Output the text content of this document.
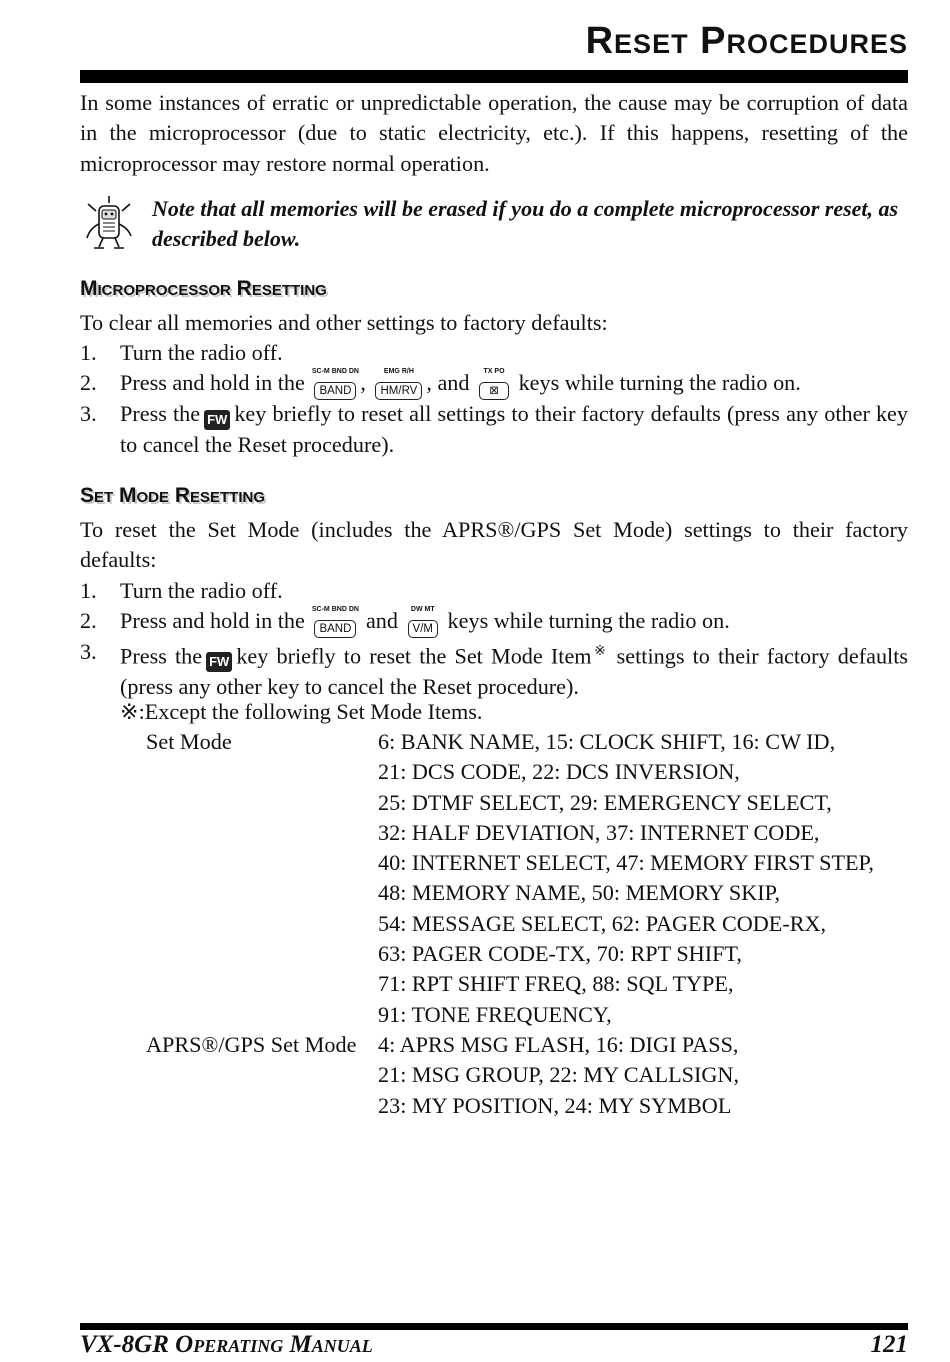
Reset Procedures

In some instances of erratic or unpredictable operation, the cause may be corruption of data in the microprocessor (due to static electricity, etc.). If this happens, resetting of the microprocessor may restore normal operation.

Note that all memories will be erased if you do a complete microprocessor reset, as described below.

Microprocessor Resetting
To clear all memories and other settings to factory defaults:
1. Turn the radio off.
2. Press and hold in the SC-M BND DN
BAND ,	EMG R/H
HM/RV , and TX PO
⊠ keys while turning the radio on.
3. Press the FW key briefly to reset all settings to their factory defaults (press any other key to cancel the Reset procedure).
Set Mode Resetting

To reset the Set Mode (includes the APRS®/GPS Set Mode) settings to their factory defaults:

1. Turn the radio off.
2. Press and hold in the SC-M BND DN
BAND and DW MT
V/M keys while turning the radio on.
3. Press the FW key briefly to reset the Set Mode Item※ settings to their factory defaults (press any other key to cancel the Reset procedure).
※:Except the following Set Mode Items.
Set Mode	6: BANK NAME, 15: CLOCK SHIFT, 16: CW ID,
21: DCS CODE, 22: DCS INVERSION,
25: DTMF SELECT, 29: EMERGENCY SELECT,
32: HALF DEVIATION, 37: INTERNET CODE,
40: INTERNET SELECT, 47: MEMORY FIRST STEP,
48: MEMORY NAME, 50: MEMORY SKIP,
54: MESSAGE SELECT, 62: PAGER CODE-RX,
63: PAGER CODE-TX, 70: RPT SHIFT,
71: RPT SHIFT FREQ, 88: SQL TYPE,
91: TONE FREQUENCY,
APRS®/GPS Set Mode 4: APRS MSG FLASH, 16: DIGI PASS,
21: MSG GROUP, 22: MY CALLSIGN,
23: MY POSITION, 24: MY SYMBOL
VX-8GR Operating Manual	121
